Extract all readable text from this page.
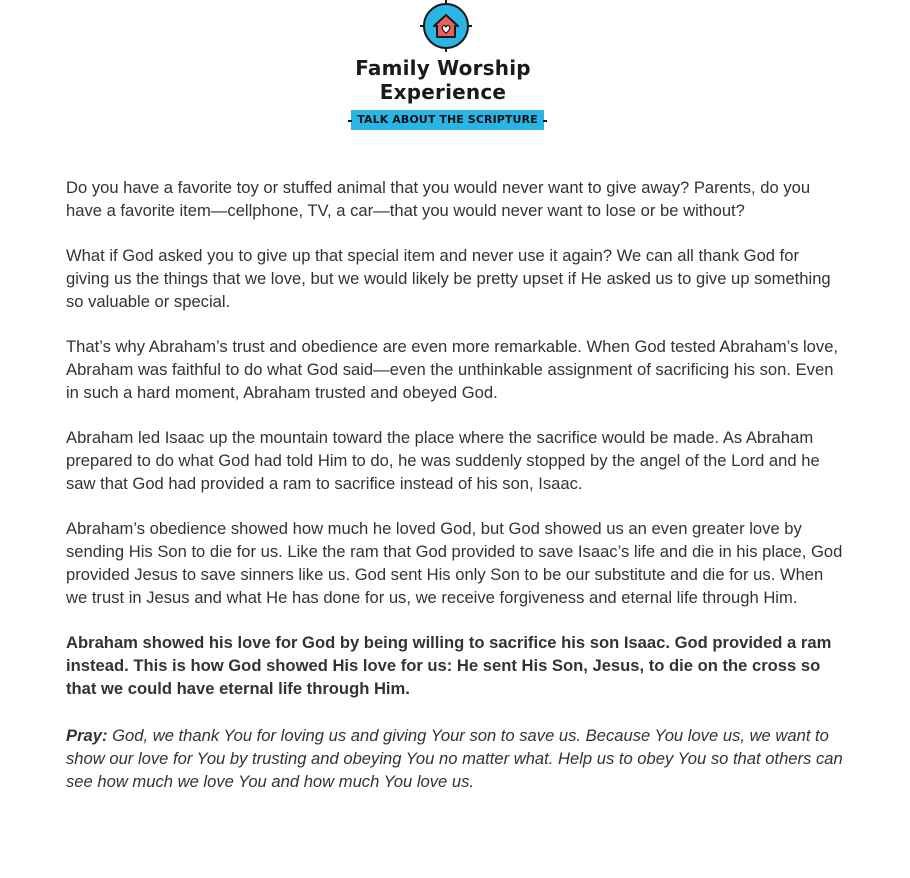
Family Worship
Experience
TALK ABOUT THE SCRIPTURE

Do you have a favorite toy or stuffed animal that you would never want to give away? Parents, do you have a favorite item—cellphone, TV, a car—that you would never want to lose or be without?

What if God asked you to give up that special item and never use it again? We can all thank God for giving us the things that we love, but we would likely be pretty upset if He asked us to give up something so valuable or special.

That’s why Abraham’s trust and obedience are even more remarkable. When God tested Abraham’s love, Abraham was faithful to do what God said—even the unthinkable assignment of sacrificing his son. Even in such a hard moment, Abraham trusted and obeyed God.

Abraham led Isaac up the mountain toward the place where the sacrifice would be made. As Abraham prepared to do what God had told Him to do, he was suddenly stopped by the angel of the Lord and he saw that God had provided a ram to sacrifice instead of his son, Isaac.

Abraham’s obedience showed how much he loved God, but God showed us an even greater love by sending His Son to die for us. Like the ram that God provided to save Isaac’s life and die in his place, God provided Jesus to save sinners like us. God sent His only Son to be our substitute and die for us. When we trust in Jesus and what He has done for us, we receive forgiveness and eternal life through Him.

Abraham showed his love for God by being willing to sacrifice his son Isaac. God provided a ram instead. This is how God showed His love for us: He sent His Son, Jesus, to die on the cross so that we could have eternal life through Him.

Pray: God, we thank You for loving us and giving Your son to save us. Because You love us, we want to show our love for You by trusting and obeying You no matter what. Help us to obey You so that others can see how much we love You and how much You love us.
